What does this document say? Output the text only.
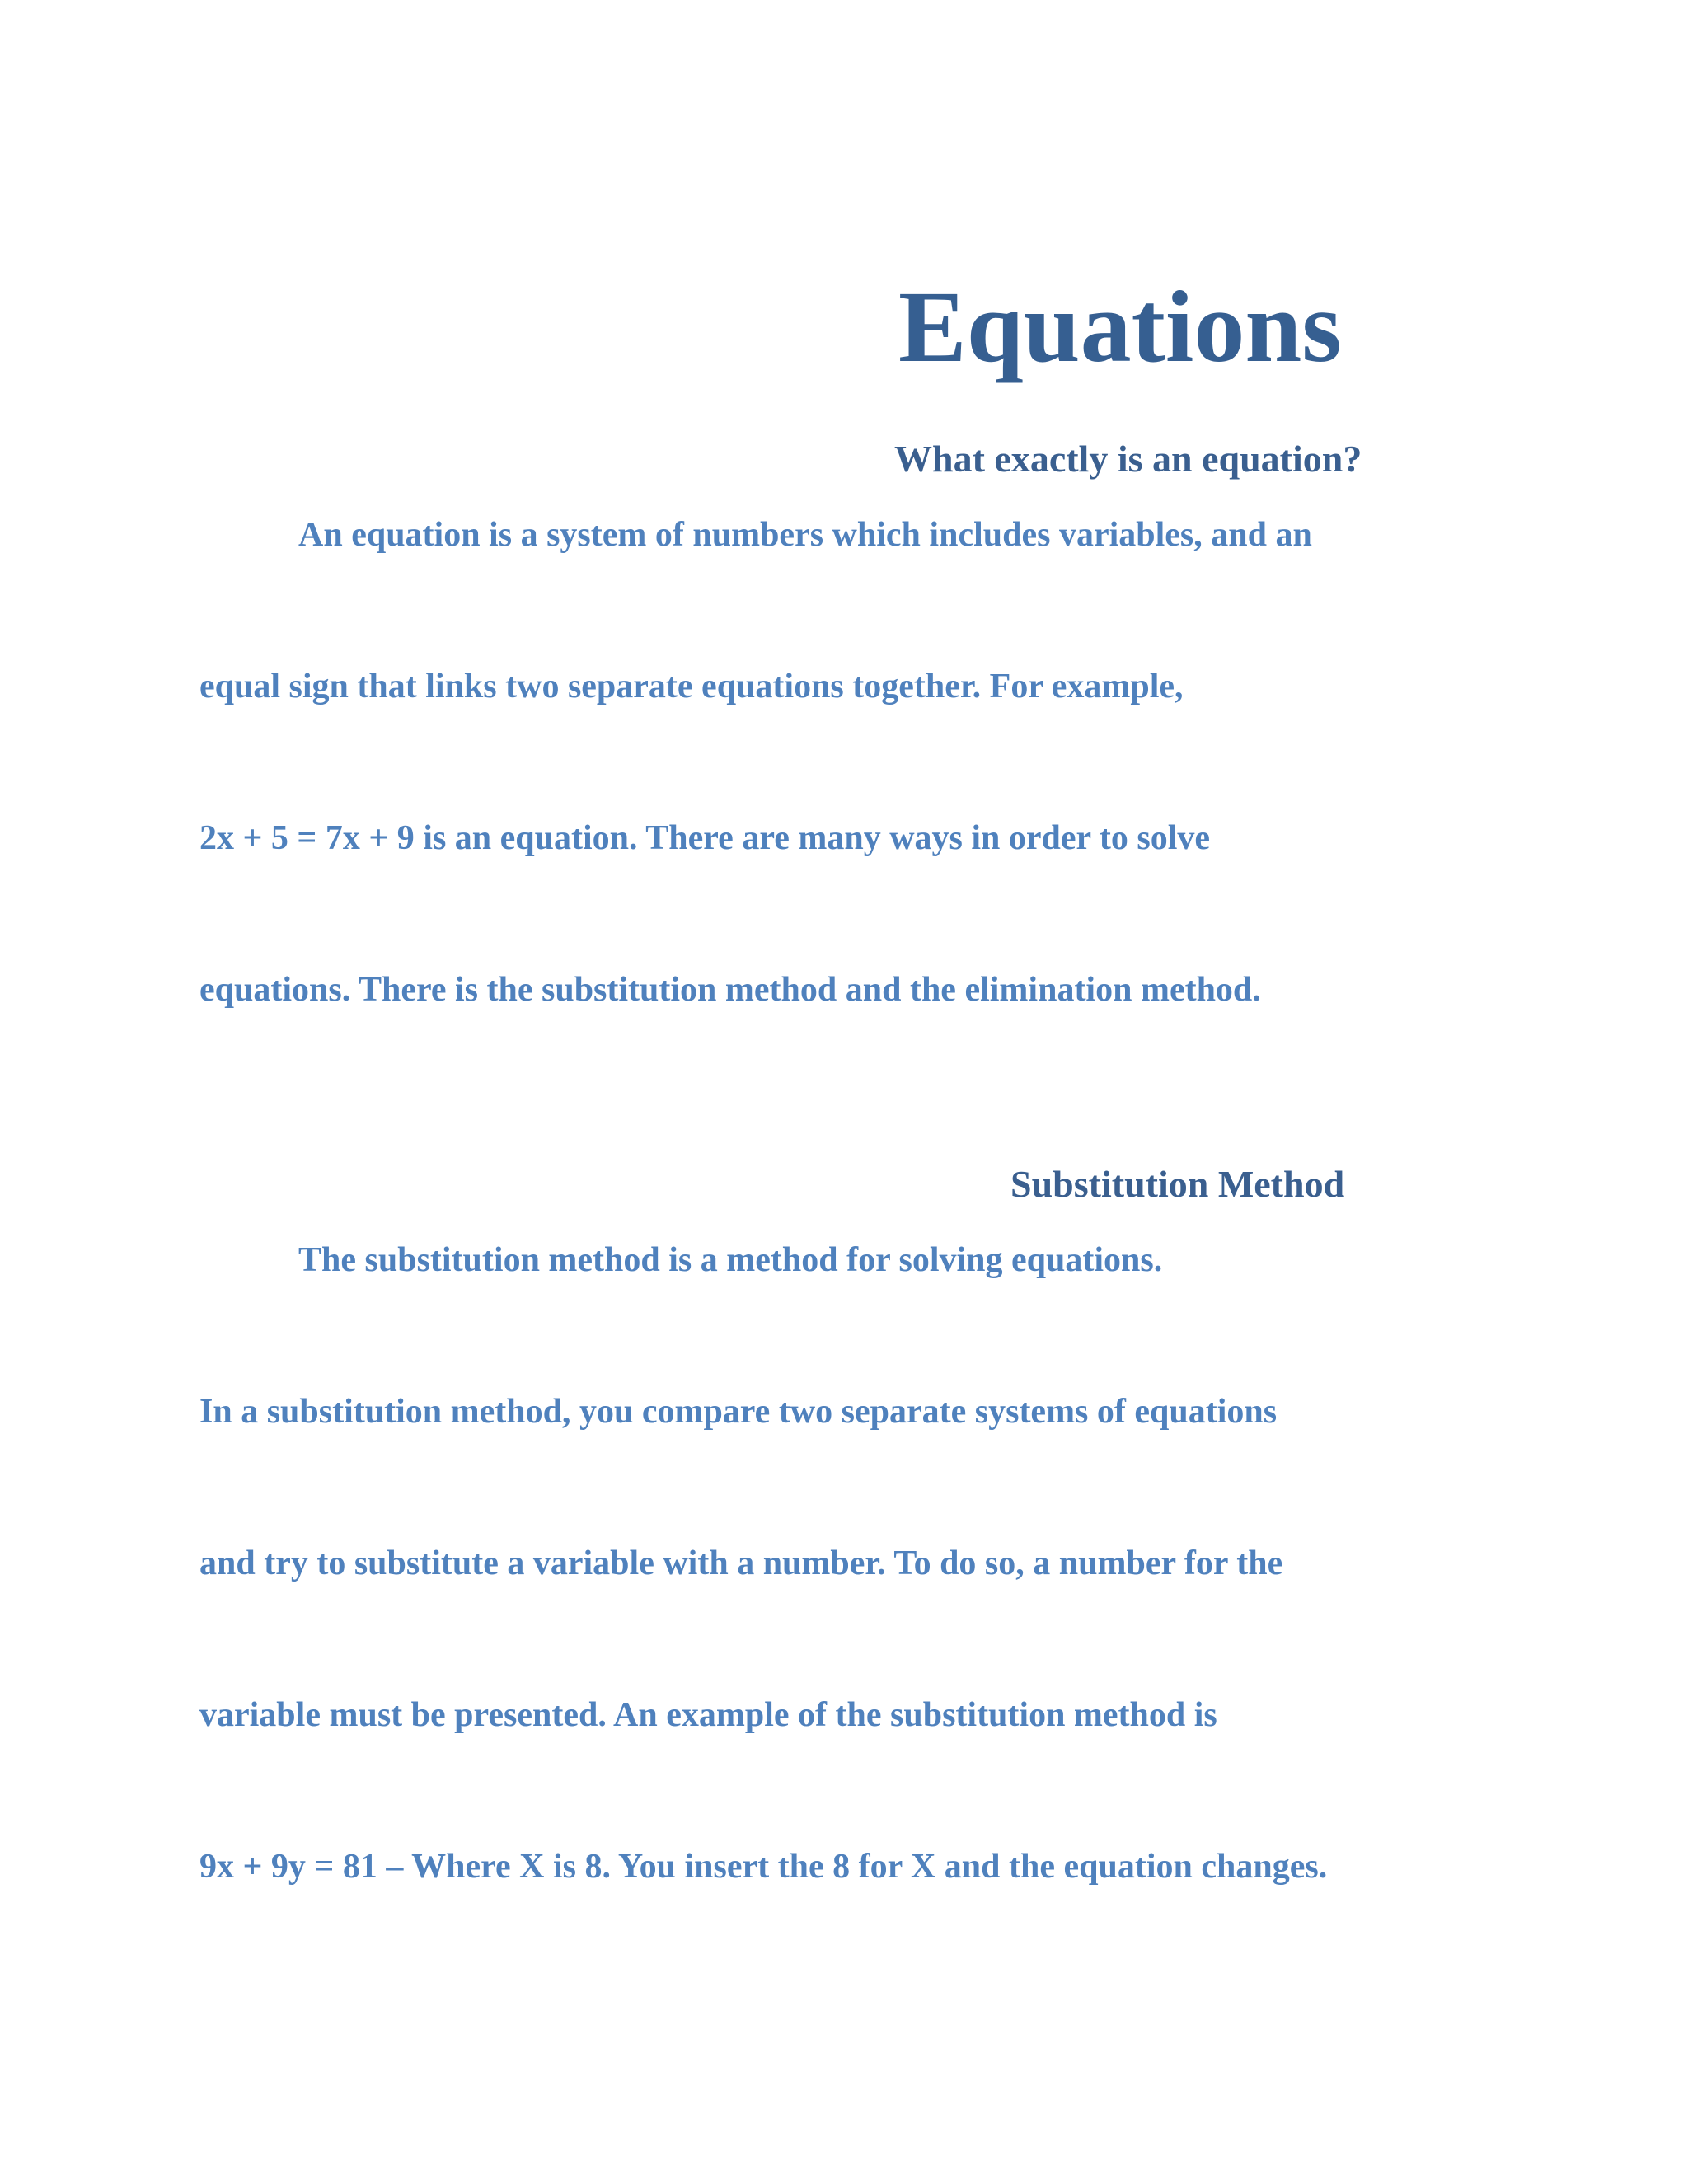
Equations
What exactly is an equation?

An equation is a system of numbers which includes variables, and an

equal sign that links two separate equations together. For example,

2x + 5 = 7x + 9 is an equation. There are many ways in order to solve

equations. There is the substitution method and the elimination method.

Substitution Method

The substitution method is a method for solving equations.

In a substitution method, you compare two separate systems of equations

and try to substitute a variable with a number. To do so, a number for the

variable must be presented. An example of the substitution method is

9x + 9y = 81 – Where X is 8. You insert the 8 for X and the equation changes.
